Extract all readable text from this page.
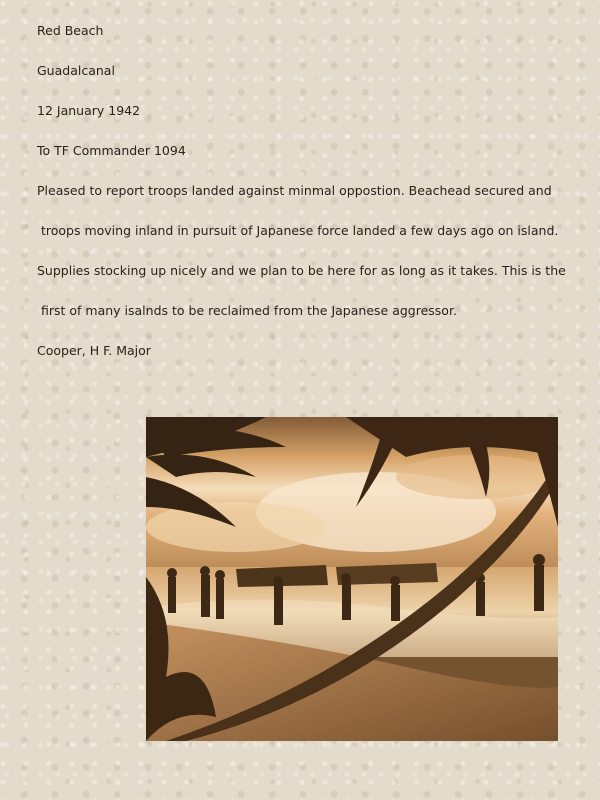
Red Beach

Guadalcanal

12 January 1942

To TF Commander 1094

Pleased to report troops landed against minmal oppostion. Beachead secured and

troops moving inland in pursuit of Japanese force landed a few days ago on island.

Supplies stocking up nicely and we plan to be here for as long as it takes. This is the

first of many isalnds to be reclaimed from the Japanese aggressor.

Cooper, H F. Major
